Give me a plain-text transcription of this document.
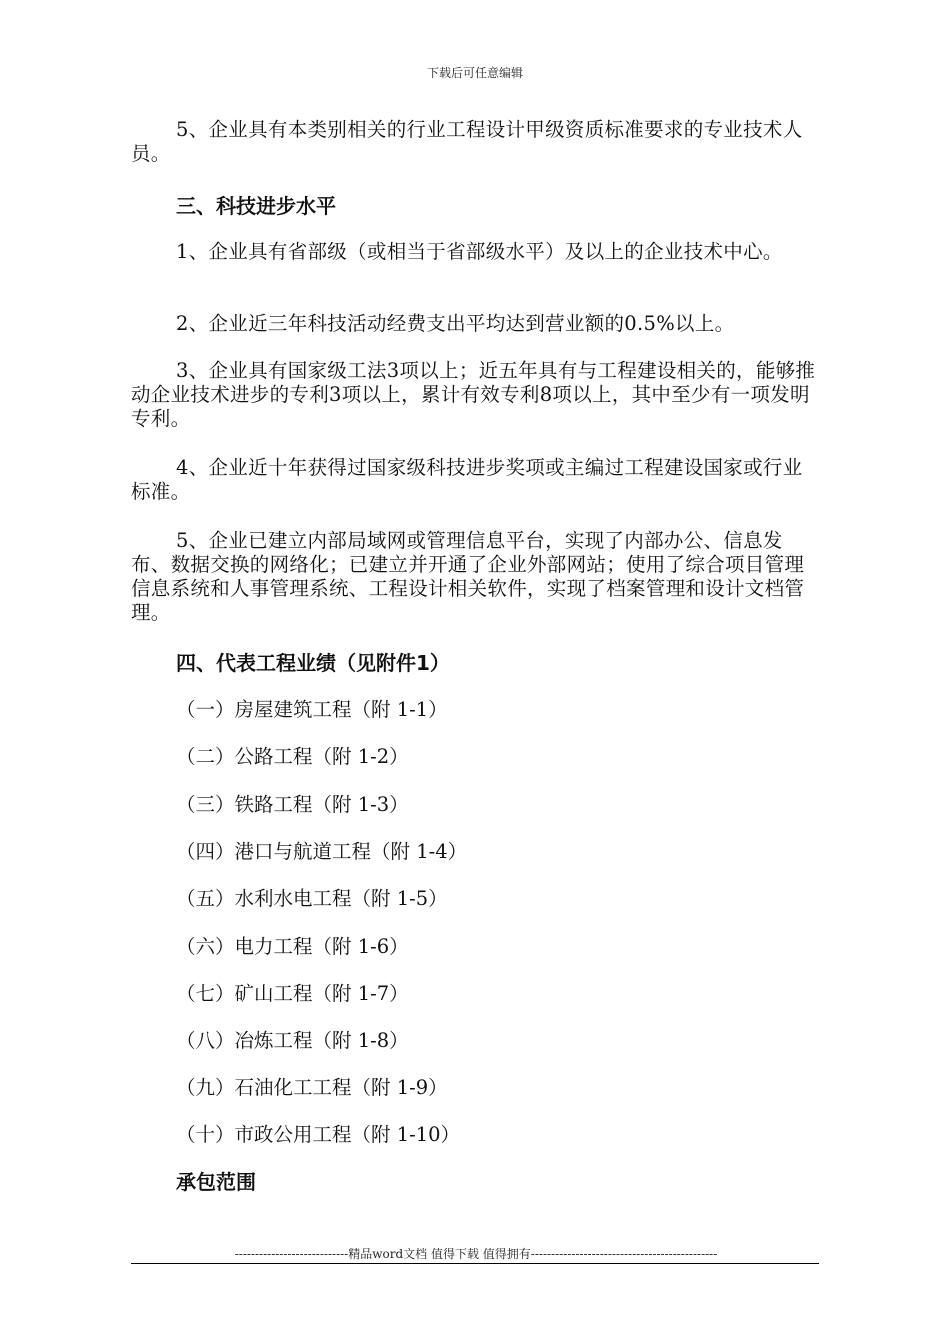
下载后可任意编辑

5、企业具有本类别相关的行业工程设计甲级资质标准要求的专业技术人员。

三、科技进步水平

1、企业具有省部级（或相当于省部级水平）及以上的企业技术中心。

2、企业近三年科技活动经费支出平均达到营业额的0.5%以上。

3、企业具有国家级工法3项以上；近五年具有与工程建设相关的，能够推动企业技术进步的专利3项以上，累计有效专利8项以上，其中至少有一项发明专利。

4、企业近十年获得过国家级科技进步奖项或主编过工程建设国家或行业标准。

5、企业已建立内部局域网或管理信息平台，实现了内部办公、信息发布、数据交换的网络化；已建立并开通了企业外部网站；使用了综合项目管理信息系统和人事管理系统、工程设计相关软件，实现了档案管理和设计文档管理。

四、代表工程业绩（见附件1）

（一）房屋建筑工程（附 1-1）

（二）公路工程（附 1-2）

（三）铁路工程（附 1-3）

（四）港口与航道工程（附 1-4）

（五）水利水电工程（附 1-5）

（六）电力工程（附 1-6）

（七）矿山工程（附 1-7）

（八）冶炼工程（附 1-8）

（九）石油化工工程（附 1-9）

（十）市政公用工程（附 1-10）

承包范围

----------------------------精品word文档 值得下载 值得拥有----------------------------------------------
